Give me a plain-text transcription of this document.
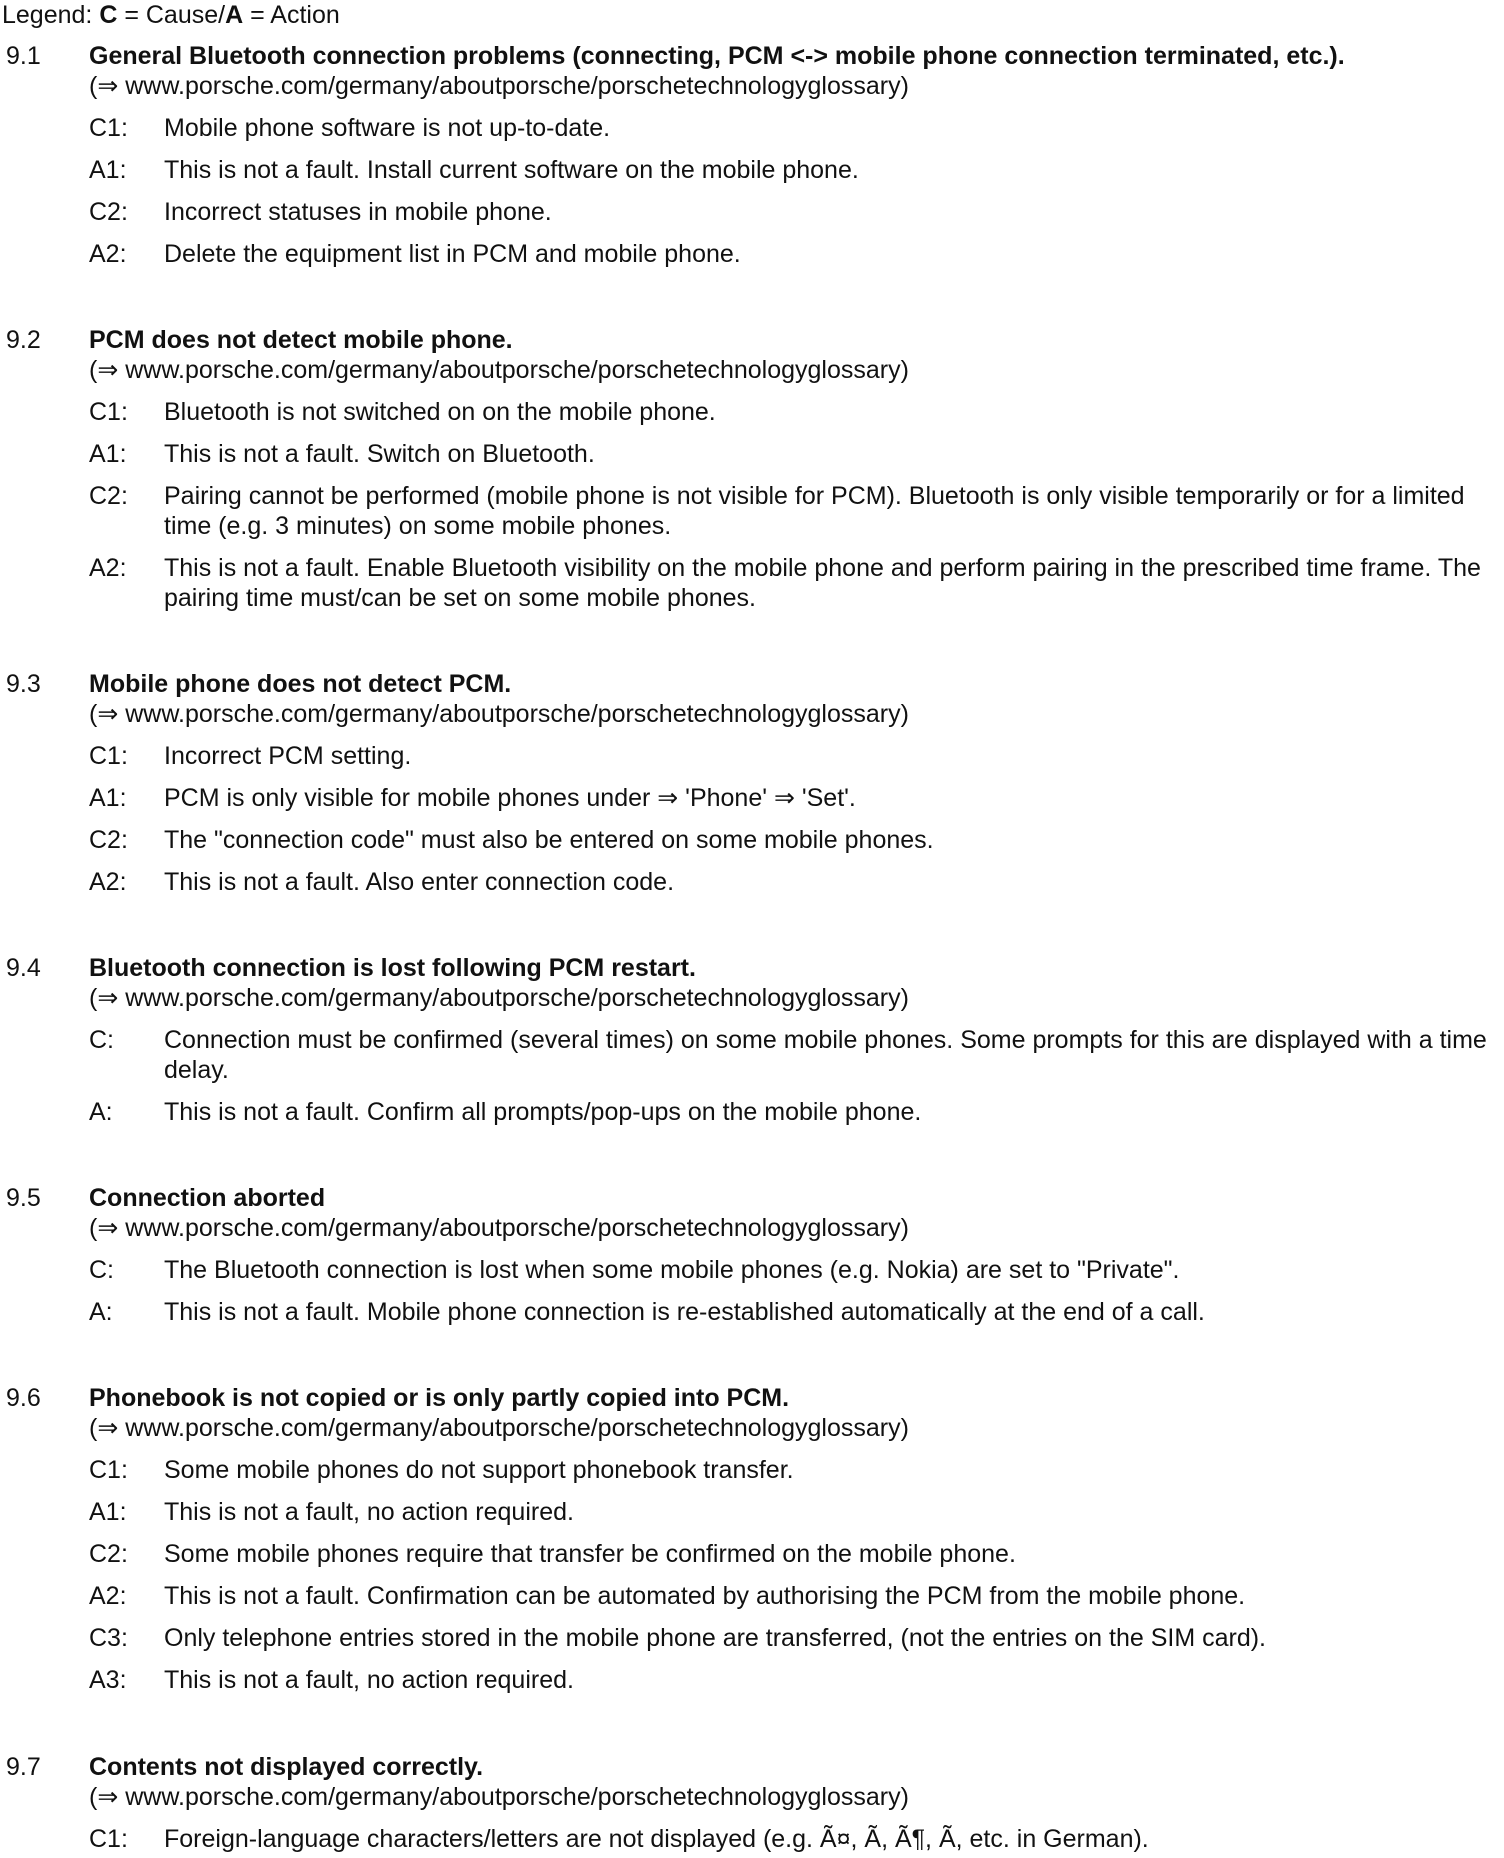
Legend: C = Cause/A = Action
9.1 General Bluetooth connection problems (connecting, PCM <-> mobile phone connection terminated, etc.).
(⇒ www.porsche.com/germany/aboutporsche/porschetechnologyglossary)
C1: Mobile phone software is not up-to-date.
A1: This is not a fault. Install current software on the mobile phone.
C2: Incorrect statuses in mobile phone.
A2: Delete the equipment list in PCM and mobile phone.
9.2 PCM does not detect mobile phone.
(⇒ www.porsche.com/germany/aboutporsche/porschetechnologyglossary)
C1: Bluetooth is not switched on on the mobile phone.
A1: This is not a fault. Switch on Bluetooth.
C2: Pairing cannot be performed (mobile phone is not visible for PCM). Bluetooth is only visible temporarily or for a limited time (e.g. 3 minutes) on some mobile phones.
A2: This is not a fault. Enable Bluetooth visibility on the mobile phone and perform pairing in the prescribed time frame. The pairing time must/can be set on some mobile phones.
9.3 Mobile phone does not detect PCM.
(⇒ www.porsche.com/germany/aboutporsche/porschetechnologyglossary)
C1: Incorrect PCM setting.
A1: PCM is only visible for mobile phones under ⇒ 'Phone' ⇒ 'Set'.
C2: The "connection code" must also be entered on some mobile phones.
A2: This is not a fault. Also enter connection code.
9.4 Bluetooth connection is lost following PCM restart.
(⇒ www.porsche.com/germany/aboutporsche/porschetechnologyglossary)
C: Connection must be confirmed (several times) on some mobile phones. Some prompts for this are displayed with a time delay.
A: This is not a fault. Confirm all prompts/pop-ups on the mobile phone.
9.5 Connection aborted
(⇒ www.porsche.com/germany/aboutporsche/porschetechnologyglossary)
C: The Bluetooth connection is lost when some mobile phones (e.g. Nokia) are set to "Private".
A: This is not a fault. Mobile phone connection is re-established automatically at the end of a call.
9.6 Phonebook is not copied or is only partly copied into PCM.
(⇒ www.porsche.com/germany/aboutporsche/porschetechnologyglossary)
C1: Some mobile phones do not support phonebook transfer.
A1: This is not a fault, no action required.
C2: Some mobile phones require that transfer be confirmed on the mobile phone.
A2: This is not a fault. Confirmation can be automated by authorising the PCM from the mobile phone.
C3: Only telephone entries stored in the mobile phone are transferred, (not the entries on the SIM card).
A3: This is not a fault, no action required.
9.7 Contents not displayed correctly.
(⇒ www.porsche.com/germany/aboutporsche/porschetechnologyglossary)
C1: Foreign-language characters/letters are not displayed (e.g. Ã¤, Ã, Ã¶, Ã, etc. in German).
